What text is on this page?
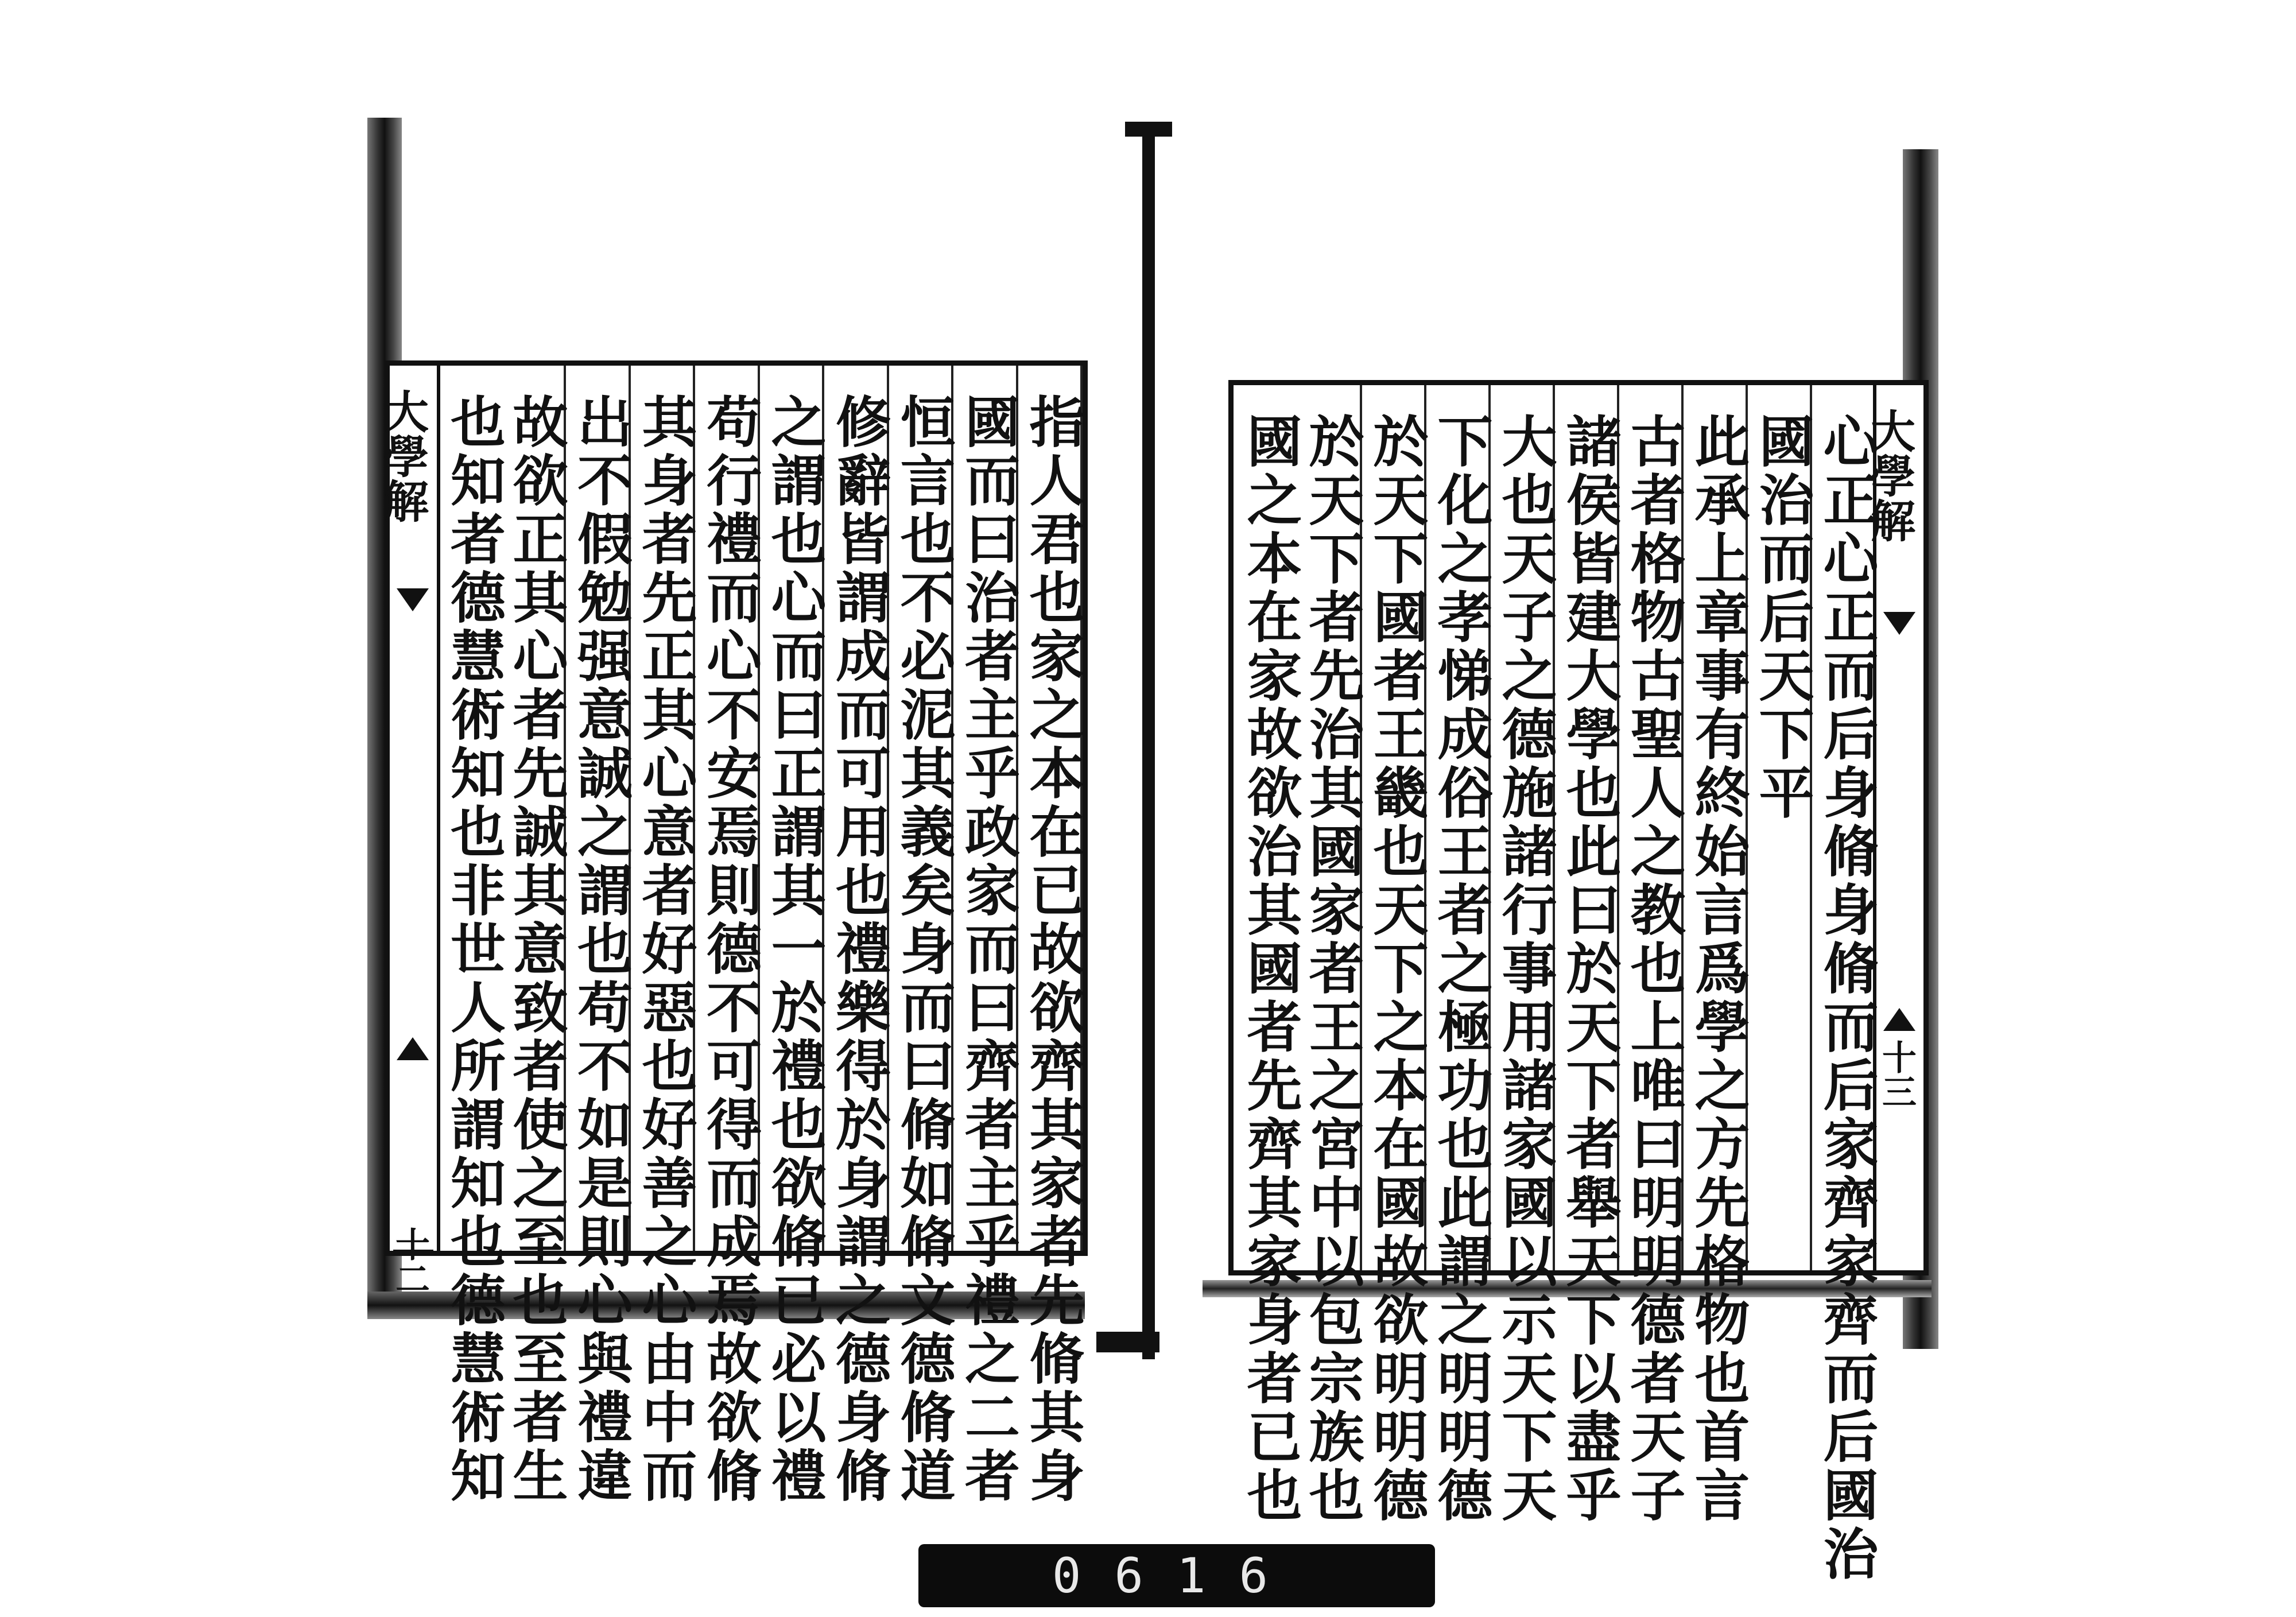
大學解
十二	指人君也家之本在已故欲齊其家者先脩其身
國而曰治者主乎政家而曰齊者主乎禮之二者
恒言也不必泥其義矣身而曰脩如脩文德脩道
修辭皆謂成而可用也禮樂得於身謂之德身脩
之謂也心而曰正謂其一於禮也欲脩已必以禮
苟行禮而心不安焉則德不可得而成焉故欲脩
其身者先正其心意者好惡也好善之心由中而
出不假勉强意誠之謂也苟不如是則心與禮違
故欲正其心者先誠其意致者使之至也至者生
也知者德慧術知也非世人所謂知也德慧術知	心正心正而后身脩身脩而后家齊家齊而后國治
國治而后天下平
此承上章事有終始言爲學之方先格物也首言
古者格物古聖人之教也上唯曰明明德者天子
諸侯皆建大學也此曰於天下者舉天下以盡乎
大也天子之德施諸行事用諸家國以示天下天
下化之孝悌成俗王者之極功也此謂之明明德
於天下國者王畿也天下之本在國故欲明明德
於天下者先治其國家者王之宮中以包宗族也
國之本在家故欲治其國者先齊其家身者已也	大學解
十三
0616
